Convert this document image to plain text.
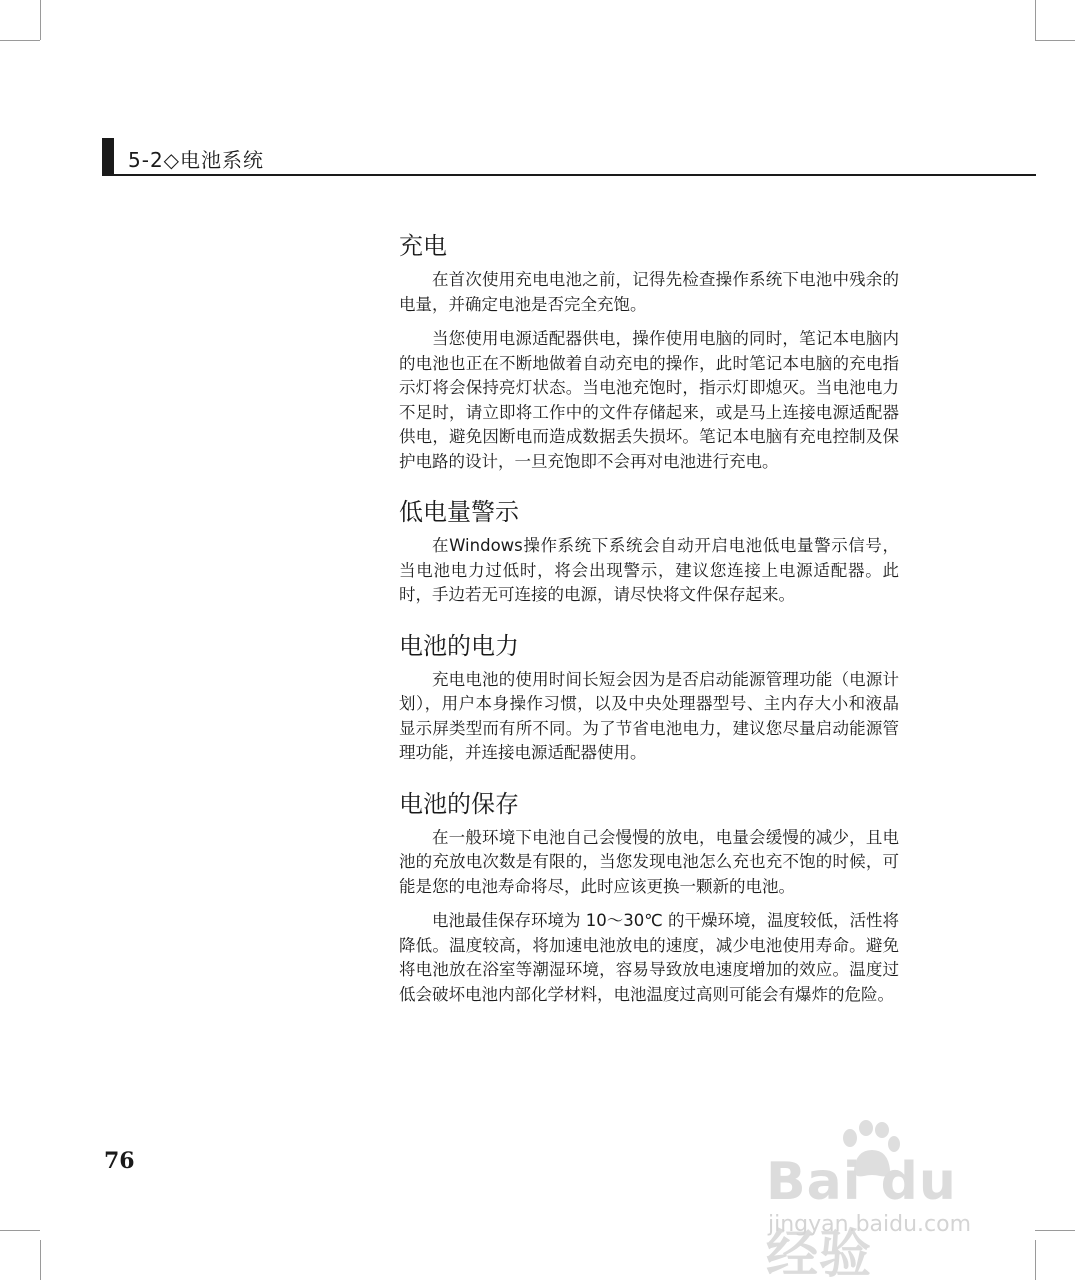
5-2◇电池系统
充电

在首次使用充电电池之前，记得先检查操作系统下电池中残余的电量，并确定电池是否完全充饱。

当您使用电源适配器供电，操作使用电脑的同时，笔记本电脑内的电池也正在不断地做着自动充电的操作，此时笔记本电脑的充电指示灯将会保持亮灯状态。当电池充饱时，指示灯即熄灭。当电池电力不足时，请立即将工作中的文件存储起来，或是马上连接电源适配器供电，避免因断电而造成数据丢失损坏。笔记本电脑有充电控制及保护电路的设计，一旦充饱即不会再对电池进行充电。

低电量警示

在Windows操作系统下系统会自动开启电池低电量警示信号，当电池电力过低时，将会出现警示，建议您连接上电源适配器。此时，手边若无可连接的电源，请尽快将文件保存起来。

电池的电力

充电电池的使用时间长短会因为是否启动能源管理功能（电源计划），用户本身操作习惯，以及中央处理器型号、主内存大小和液晶显示屏类型而有所不同。为了节省电池电力，建议您尽量启动能源管理功能，并连接电源适配器使用。

电池的保存

在一般环境下电池自己会慢慢的放电，电量会缓慢的减少，且电池的充放电次数是有限的，当您发现电池怎么充也充不饱的时候，可能是您的电池寿命将尽，此时应该更换一颗新的电池。

电池最佳保存环境为 10～30℃ 的干燥环境，温度较低，活性将降低。温度较高，将加速电池放电的速度，减少电池使用寿命。避免将电池放在浴室等潮湿环境，容易导致放电速度增加的效应。温度过低会破坏电池内部化学材料，电池温度过高则可能会有爆炸的危险。

76	Bai du 经验
jingyan.baidu.com
